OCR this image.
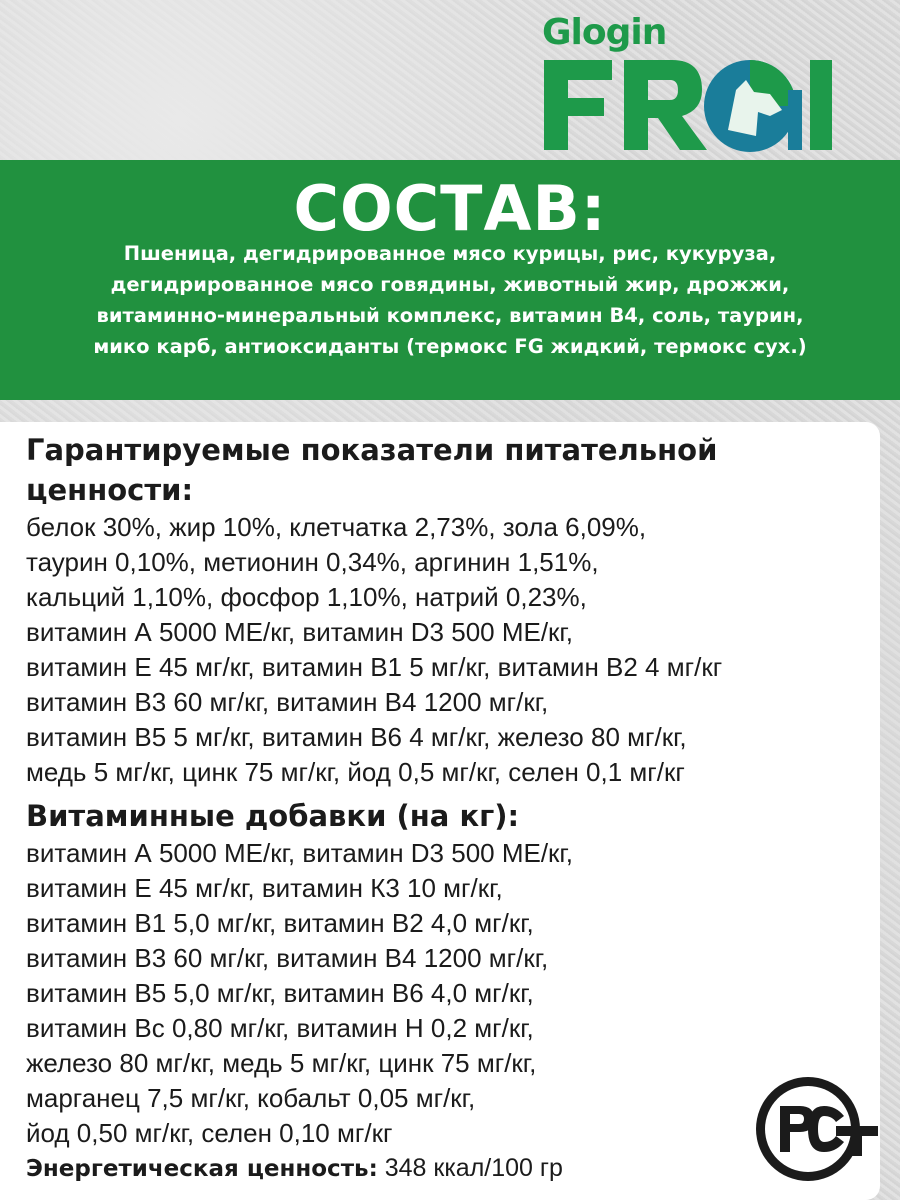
Glogin
СОСТАВ:
Пшеница, дегидрированное мясо курицы, рис, кукуруза,
дегидрированное мясо говядины, животный жир, дрожжи,
витаминно-минеральный комплекс, витамин В4, соль, таурин,
мико карб, антиоксиданты (термокс FG жидкий, термокс сух.)
Гарантируемые показатели питательной
ценности:
белок 30%, жир 10%, клетчатка 2,73%, зола 6,09%,
таурин 0,10%, метионин 0,34%, аргинин 1,51%,
кальций 1,10%, фосфор 1,10%, натрий 0,23%,
витамин А 5000 МЕ/кг, витамин D3 500 МЕ/кг,
витамин Е 45 мг/кг, витамин В1 5 мг/кг, витамин В2 4 мг/кг
витамин В3 60 мг/кг, витамин В4 1200 мг/кг,
витамин В5 5 мг/кг, витамин В6 4 мг/кг, железо 80 мг/кг,
медь 5 мг/кг, цинк 75 мг/кг, йод 0,5 мг/кг, селен 0,1 мг/кг
Витаминные добавки (на кг):
витамин А 5000 МЕ/кг, витамин D3 500 МЕ/кг,
витамин Е 45 мг/кг, витамин К3 10 мг/кг,
витамин В1 5,0 мг/кг, витамин В2 4,0 мг/кг,
витамин В3 60 мг/кг, витамин В4 1200 мг/кг,
витамин В5 5,0 мг/кг, витамин В6 4,0 мг/кг,
витамин Вс 0,80 мг/кг, витамин Н 0,2 мг/кг,
железо 80 мг/кг, медь 5 мг/кг, цинк 75 мг/кг,
марганец 7,5 мг/кг, кобальт 0,05 мг/кг,
йод 0,50 мг/кг, селен 0,10 мг/кг
Энергетическая ценность: 348 ккал/100 гр
